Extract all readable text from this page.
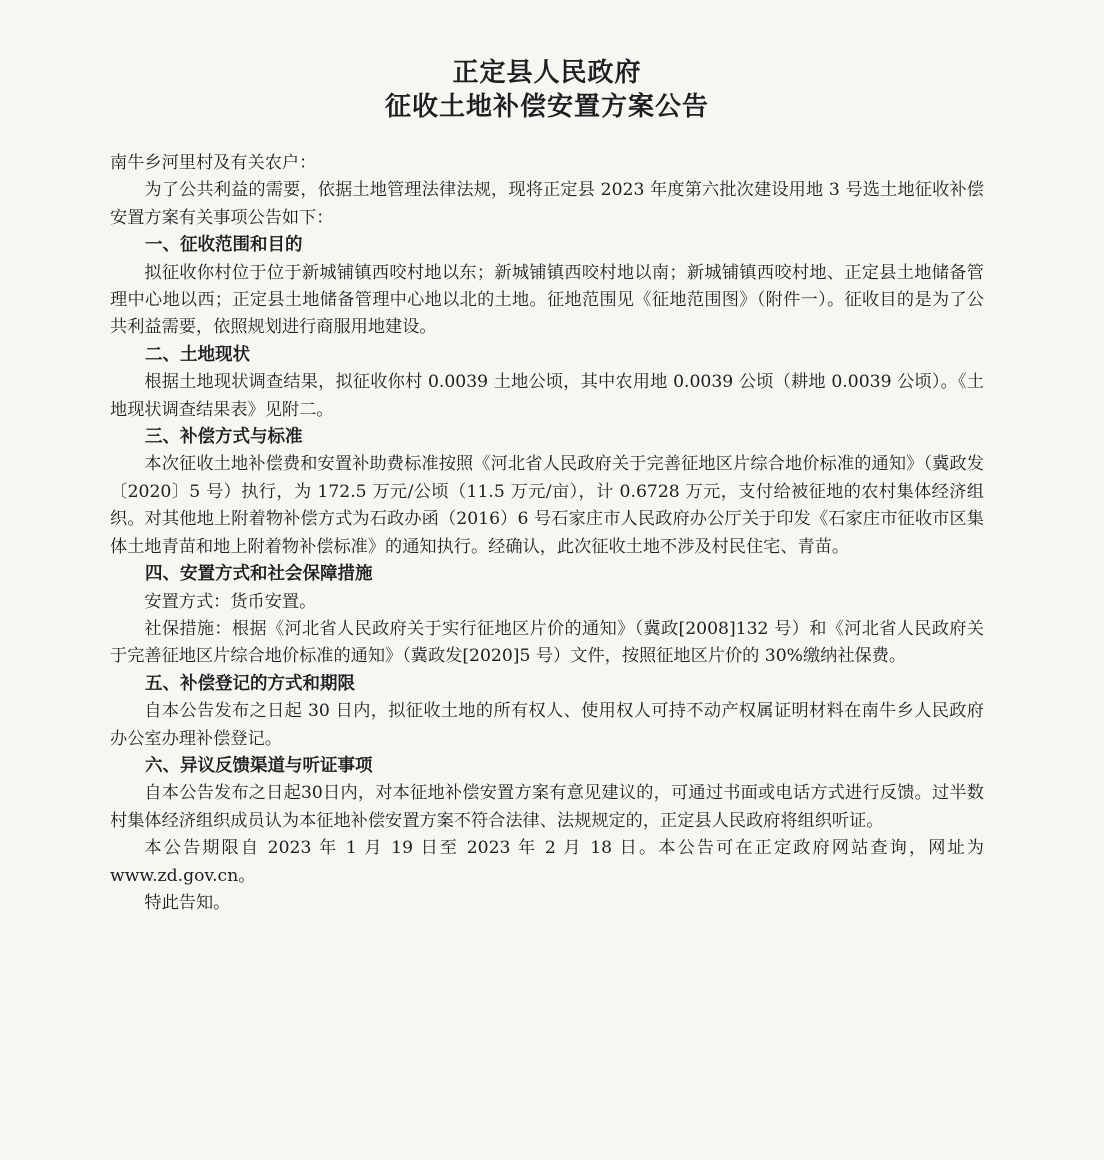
正定县人民政府
征收土地补偿安置方案公告

南牛乡河里村及有关农户：

为了公共利益的需要，依据土地管理法律法规，现将正定县 2023 年度第六批次建设用地 3 号选土地征收补偿安置方案有关事项公告如下：

一、征收范围和目的

拟征收你村位于位于新城铺镇西咬村地以东；新城铺镇西咬村地以南；新城铺镇西咬村地、正定县土地储备管理中心地以西；正定县土地储备管理中心地以北的土地。征地范围见《征地范围图》（附件一）。征收目的是为了公共利益需要，依照规划进行商服用地建设。

二、土地现状

根据土地现状调查结果，拟征收你村 0.0039 土地公顷，其中农用地 0.0039 公顷（耕地 0.0039 公顷）。《土地现状调查结果表》见附二。

三、补偿方式与标准

本次征收土地补偿费和安置补助费标准按照《河北省人民政府关于完善征地区片综合地价标准的通知》（冀政发〔2020〕5 号）执行，为 172.5 万元/公顷（11.5 万元/亩），计 0.6728 万元，支付给被征地的农村集体经济组织。对其他地上附着物补偿方式为石政办函（2016）6 号石家庄市人民政府办公厅关于印发《石家庄市征收市区集体土地青苗和地上附着物补偿标准》的通知执行。经确认，此次征收土地不涉及村民住宅、青苗。

四、安置方式和社会保障措施

安置方式：货币安置。

社保措施：根据《河北省人民政府关于实行征地区片价的通知》（冀政[2008]132 号）和《河北省人民政府关于完善征地区片综合地价标准的通知》（冀政发[2020]5 号）文件，按照征地区片价的 30%缴纳社保费。

五、补偿登记的方式和期限

自本公告发布之日起 30 日内，拟征收土地的所有权人、使用权人可持不动产权属证明材料在南牛乡人民政府办公室办理补偿登记。

六、异议反馈渠道与听证事项

自本公告发布之日起30日内，对本征地补偿安置方案有意见建议的，可通过书面或电话方式进行反馈。过半数村集体经济组织成员认为本征地补偿安置方案不符合法律、法规规定的，正定县人民政府将组织听证。

本公告期限自 2023 年 1 月 19 日至 2023 年 2 月 18 日。本公告可在正定政府网站查询，网址为 www.zd.gov.cn。

特此告知。
